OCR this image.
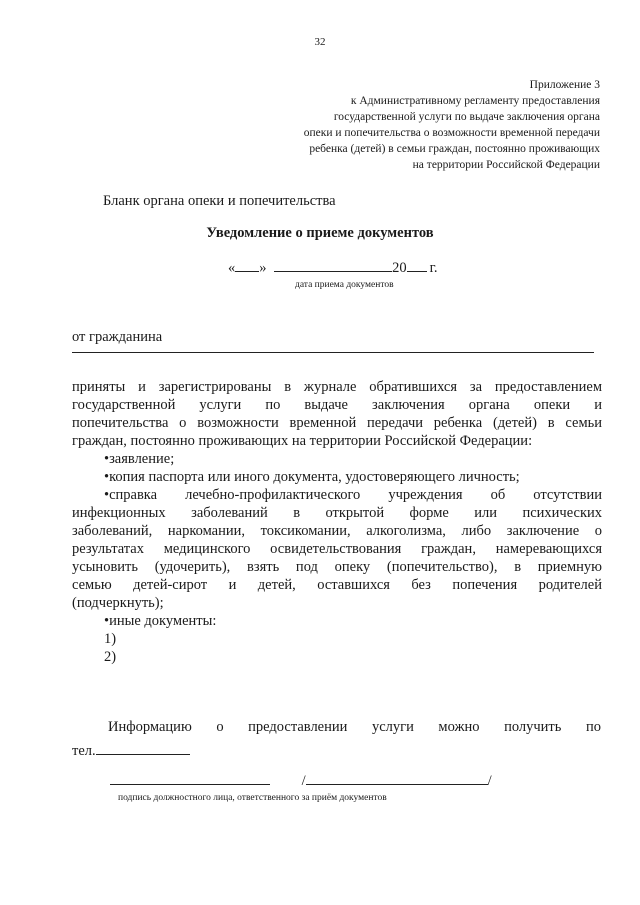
32
Приложение 3
к Административному регламенту предоставления
государственной услуги по выдаче заключения органа
опеки и попечительства о возможности временной передачи
ребенка (детей) в семьи граждан, постоянно проживающих
на территории Российской Федерации
Бланк органа опеки и попечительства
Уведомление о приеме документов
« »	20 г.
дата приема документов
от гражданина
приняты и зарегистрированы в журнале обратившихся за предоставлением
государственной услуги по выдаче заключения органа опеки и
попечительства о возможности временной передачи ребенка (детей) в семьи
граждан, постоянно проживающих на территории Российской Федерации:
•заявление;
•копия паспорта или иного документа, удостоверяющего личность;
•справка лечебно-профилактического учреждения об отсутствии
инфекционных заболеваний в открытой форме или психических
заболеваний, наркомании, токсикомании, алкоголизма, либо заключение о
результатах медицинского освидетельствования граждан, намеревающихся
усыновить (удочерить), взять под опеку (попечительство), в приемную
семью детей-сирот и детей, оставшихся без попечения родителей
(подчеркнуть);
•иные документы:
1)
2)
Информацию о предоставлении услуги можно получить по
тел.
/	/
подпись должностного лица, ответственного за приём документов
